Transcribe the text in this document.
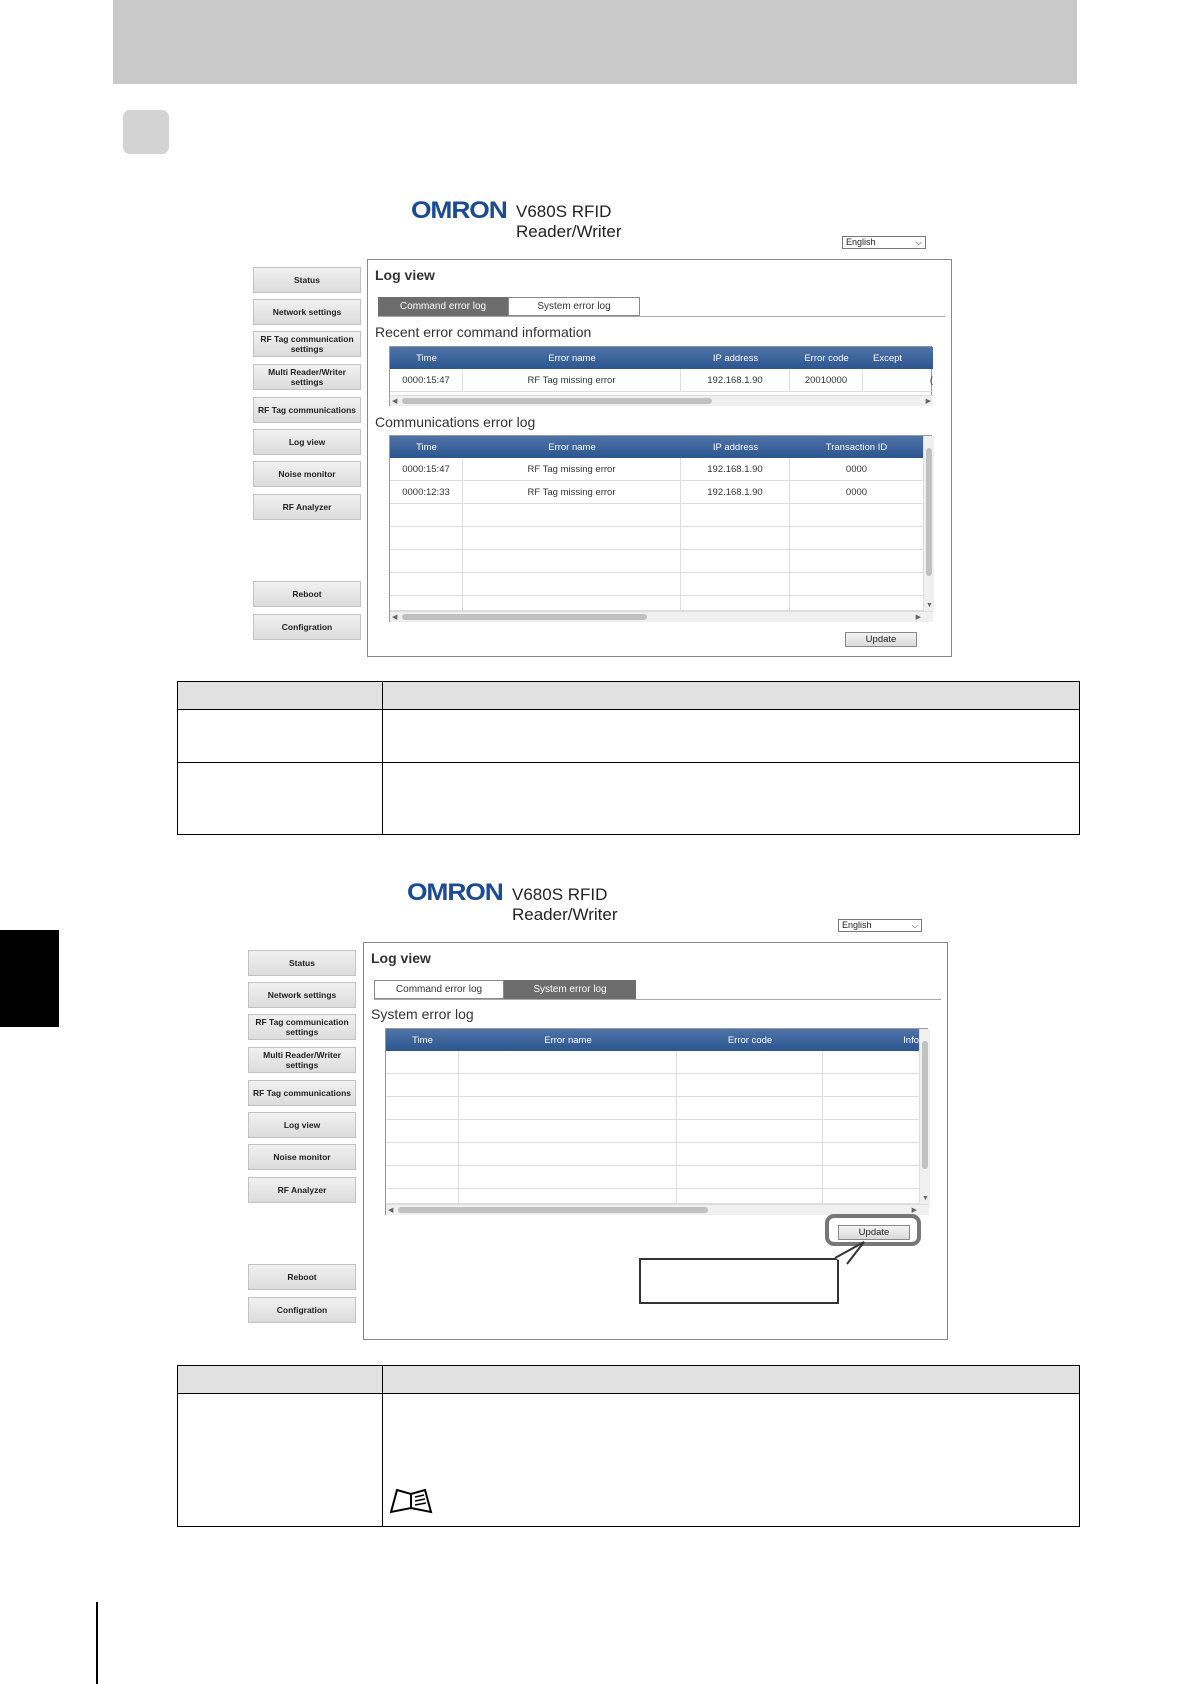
OMRON V680S RFID Reader/Writer
English	⌵
Status
Network settings
RF Tag communication settings
Multi Reader/Writer settings
RF Tag communications
Log view
Noise monitor
RF Analyzer
Reboot
Configration
Log view
Command error log	System error log
Recent error command information
Time	Error name	IP address	Error code	Except
0000:15:47	RF Tag missing error	192.168.1.90	20010000	(
◀	▶
Communications error log
Time	Error name	IP address	Transaction ID
0000:15:47	RF Tag missing error	192.168.1.90	0000
0000:12:33	RF Tag missing error	192.168.1.90	0000
▼
◀	▶
Update
OMRON V680S RFID Reader/Writer
English	⌵
Status
Network settings
RF Tag communication settings
Multi Reader/Writer settings
RF Tag communications
Log view
Noise monitor
RF Analyzer
Reboot
Configration
Log view
Command error log	System error log
System error log
Time	Error name	Error code	Info
▼
◀	▶
Update
